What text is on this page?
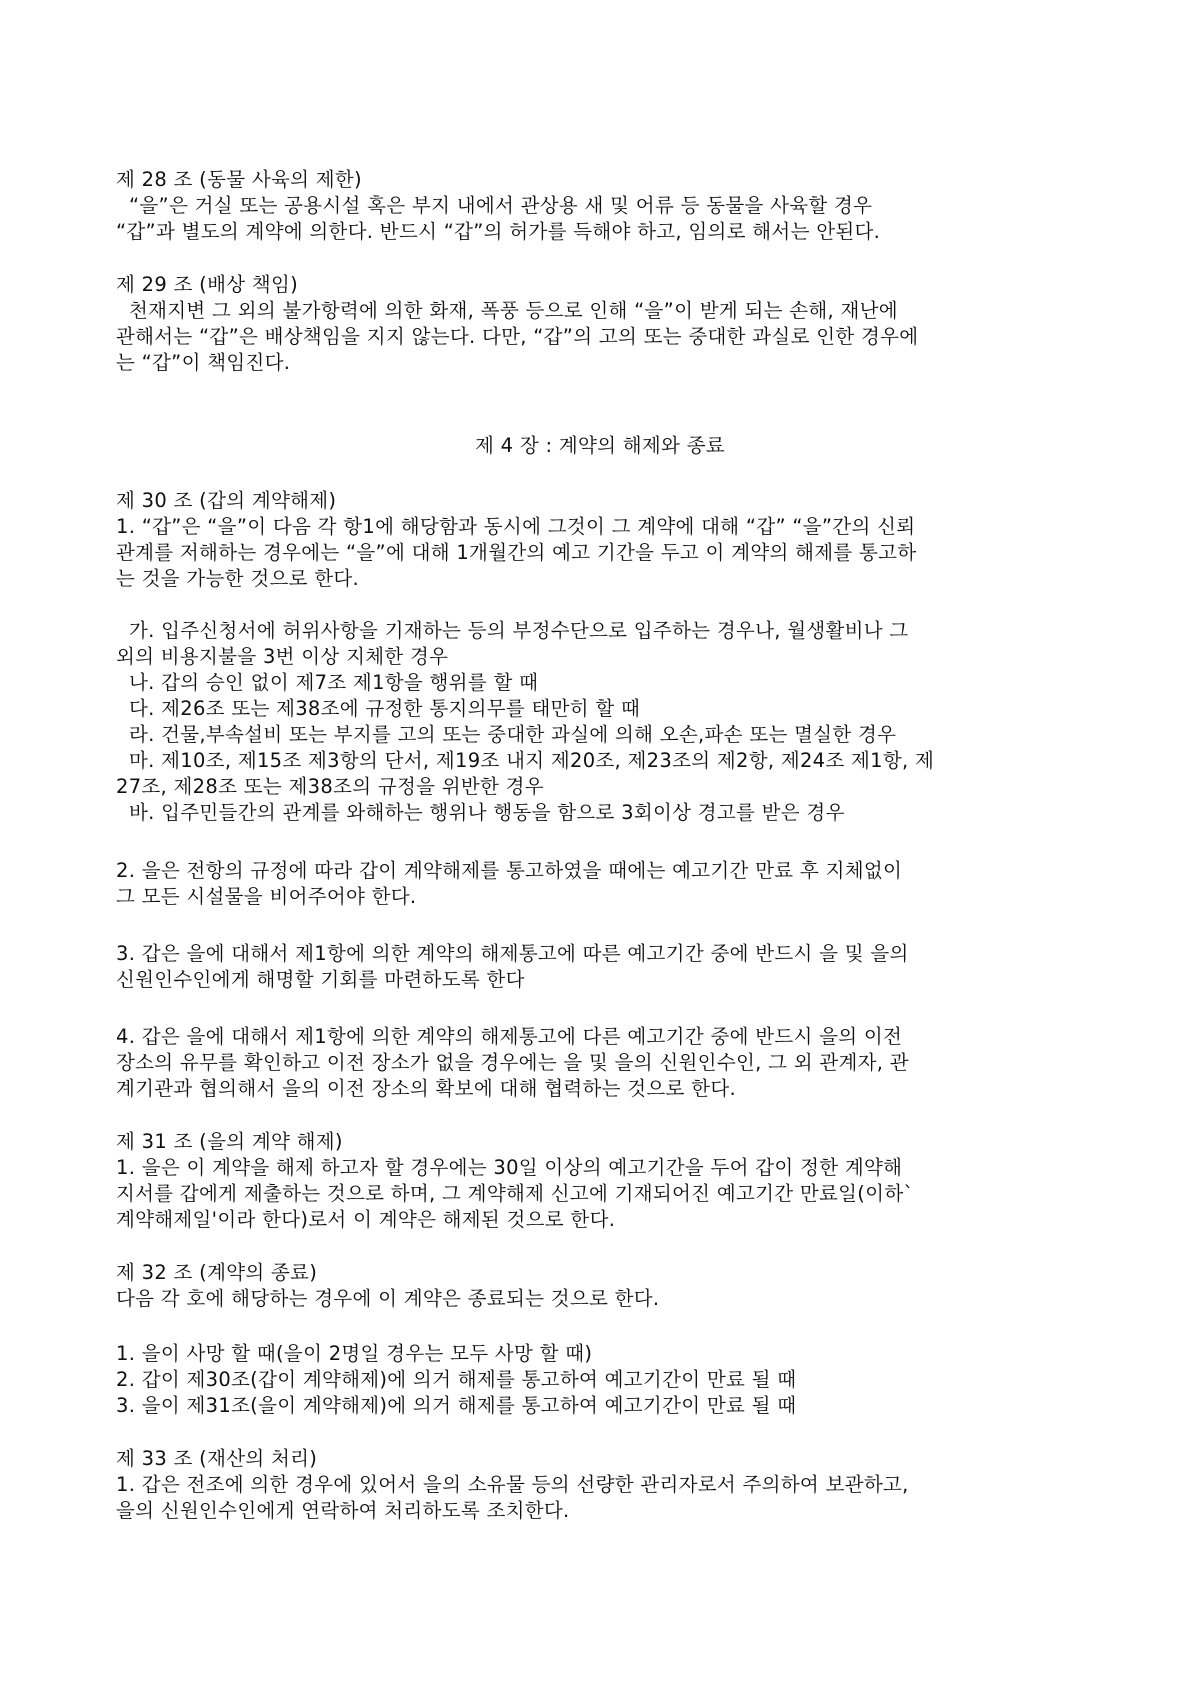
제 28 조 (동물 사육의 제한)
“을”은 거실 또는 공용시설 혹은 부지 내에서 관상용 새 및 어류 등 동물을 사육할 경우
“갑”과 별도의 계약에 의한다. 반드시 “갑”의 허가를 득해야 하고, 임의로 해서는 안된다.
제 29 조 (배상 책임)
천재지변 그 외의 불가항력에 의한 화재, 폭풍 등으로 인해 “을”이 받게 되는 손해, 재난에
관해서는 “갑”은 배상책임을 지지 않는다. 다만, “갑”의 고의 또는 중대한 과실로 인한 경우에
는 “갑”이 책임진다.
제 4 장 : 계약의 해제와 종료
제 30 조 (갑의 계약해제)
1. “갑”은 “을”이 다음 각 항1에 해당함과 동시에 그것이 그 계약에 대해 “갑” “을”간의 신뢰
관계를 저해하는 경우에는 “을”에 대해 1개월간의 예고 기간을 두고 이 계약의 해제를 통고하
는 것을 가능한 것으로 한다.
가. 입주신청서에 허위사항을 기재하는 등의 부정수단으로 입주하는 경우나, 월생활비나 그
외의 비용지불을 3번 이상 지체한 경우
나. 갑의 승인 없이 제7조 제1항을 행위를 할 때
다. 제26조 또는 제38조에 규정한 통지의무를 태만히 할 때
라. 건물,부속설비 또는 부지를 고의 또는 중대한 과실에 의해 오손,파손 또는 멸실한 경우
마. 제10조, 제15조 제3항의 단서, 제19조 내지 제20조, 제23조의 제2항, 제24조 제1항, 제
27조, 제28조 또는 제38조의 규정을 위반한 경우
바. 입주민들간의 관계를 와해하는 행위나 행동을 함으로 3회이상 경고를 받은 경우
2. 을은 전항의 규정에 따라 갑이 계약해제를 통고하였을 때에는 예고기간 만료 후 지체없이
그 모든 시설물을 비어주어야 한다.
3. 갑은 을에 대해서 제1항에 의한 계약의 해제통고에 따른 예고기간 중에 반드시 을 및 을의
신원인수인에게 해명할 기회를 마련하도록 한다
4. 갑은 을에 대해서 제1항에 의한 계약의 해제통고에 다른 예고기간 중에 반드시 을의 이전
장소의 유무를 확인하고 이전 장소가 없을 경우에는 을 및 을의 신원인수인, 그 외 관계자, 관
계기관과 협의해서 을의 이전 장소의 확보에 대해 협력하는 것으로 한다.
제 31 조 (을의 계약 해제)
1. 을은 이 계약을 해제 하고자 할 경우에는 30일 이상의 예고기간을 두어 갑이 정한 계약해
지서를 갑에게 제출하는 것으로 하며, 그 계약해제 신고에 기재되어진 예고기간 만료일(이하`
계약해제일'이라 한다)로서 이 계약은 해제된 것으로 한다.
제 32 조 (계약의 종료)
다음 각 호에 해당하는 경우에 이 계약은 종료되는 것으로 한다.
1. 을이 사망 할 때(을이 2명일 경우는 모두 사망 할 때)
2. 갑이 제30조(갑이 계약해제)에 의거 해제를 통고하여 예고기간이 만료 될 때
3. 을이 제31조(을이 계약해제)에 의거 해제를 통고하여 예고기간이 만료 될 때
제 33 조 (재산의 처리)
1. 갑은 전조에 의한 경우에 있어서 을의 소유물 등의 선량한 관리자로서 주의하여 보관하고,
을의 신원인수인에게 연락하여 처리하도록 조치한다.
